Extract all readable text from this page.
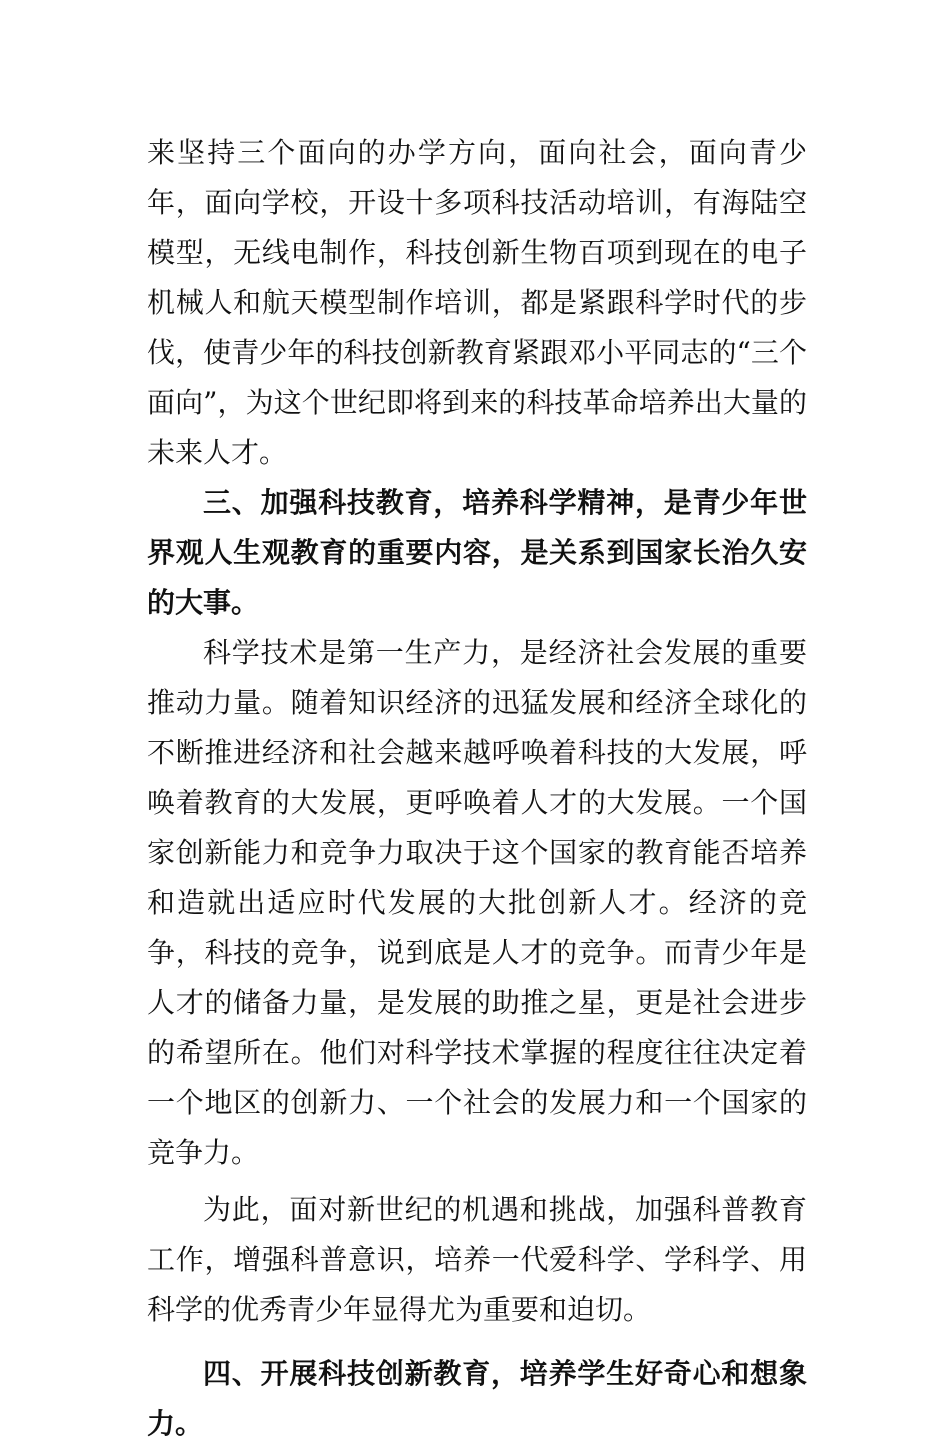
来坚持三个面向的办学方向，面向社会，面向青少年，面向学校，开设十多项科技活动培训，有海陆空模型，无线电制作，科技创新生物百项到现在的电子机械人和航天模型制作培训，都是紧跟科学时代的步伐，使青少年的科技创新教育紧跟邓小平同志的“三个面向”，为这个世纪即将到来的科技革命培养出大量的未来人才。

三、加强科技教育，培养科学精神，是青少年世界观人生观教育的重要内容，是关系到国家长治久安的大事。

科学技术是第一生产力，是经济社会发展的重要推动力量。随着知识经济的迅猛发展和经济全球化的不断推进经济和社会越来越呼唤着科技的大发展，呼唤着教育的大发展，更呼唤着人才的大发展。一个国家创新能力和竞争力取决于这个国家的教育能否培养和造就出适应时代发展的大批创新人才。经济的竞争，科技的竞争，说到底是人才的竞争。而青少年是人才的储备力量，是发展的助推之星，更是社会进步的希望所在。他们对科学技术掌握的程度往往决定着一个地区的创新力、一个社会的发展力和一个国家的竞争力。

为此，面对新世纪的机遇和挑战，加强科普教育工作，增强科普意识，培养一代爱科学、学科学、用科学的优秀青少年显得尤为重要和迫切。

四、开展科技创新教育，培养学生好奇心和想象力。
